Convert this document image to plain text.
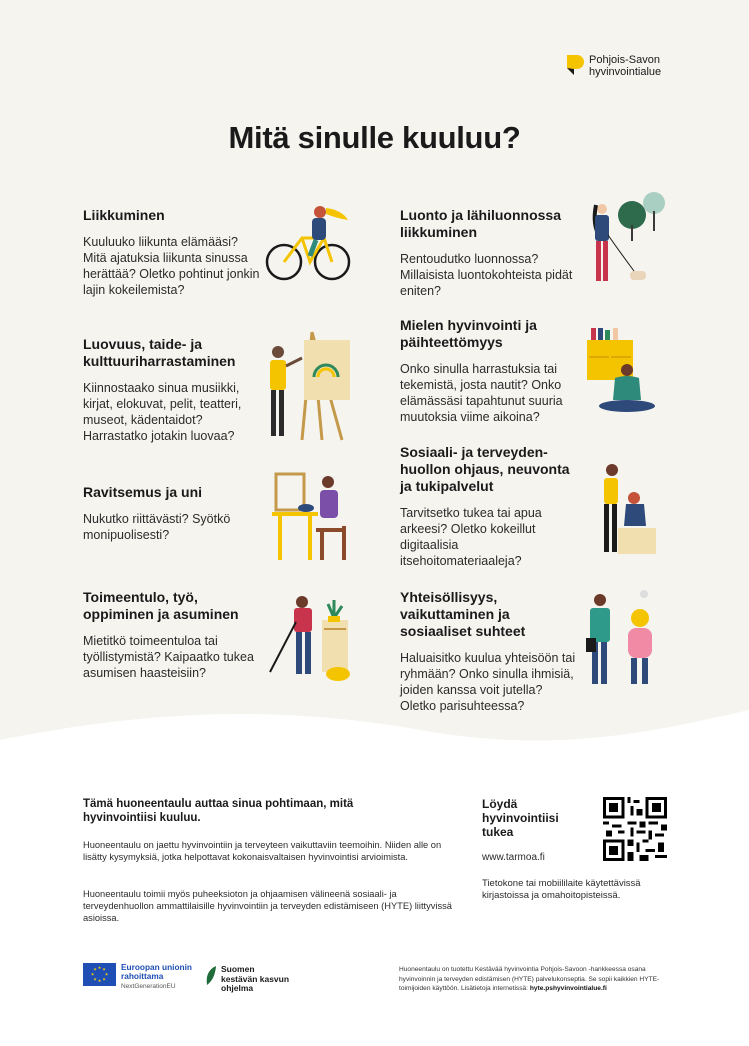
Pohjois-Savon
hyvinvointialue
Mitä sinulle kuuluu?
Liikkuminen

Kuuluuko liikunta elämääsi? Mitä ajatuksia liikunta sinussa herättää? Oletko pohtinut jonkin lajin kokeilemista?

Luonto ja lähiluonnossa liikkuminen

Rentoudutko luonnossa? Millaisista luontokohteista pidät eniten?

Luovuus, taide- ja kulttuuriharrastaminen

Kiinnostaako sinua musiikki, kirjat, elokuvat, pelit, teatteri, museot, kädentaidot? Harrastatko jotakin luovaa?

Mielen hyvinvointi ja päihteettömyys

Onko sinulla harrastuksia tai tekemistä, josta nautit? Onko elämässäsi tapahtunut suuria muutoksia viime aikoina?

Ravitsemus ja uni

Nukutko riittävästi? Syötkö monipuolisesti?

Sosiaali- ja terveyden-huollon ohjaus, neuvonta ja tukipalvelut

Tarvitsetko tukea tai apua arkeesi? Oletko kokeillut digitaalisia itsehoitomateriaaleja?

Toimeentulo, työ, oppiminen ja asuminen

Mietitkö toimeentuloa tai työllistymistä? Kaipaatko tukea asumisen haasteisiin?

Yhteisöllisyys, vaikuttaminen ja sosiaaliset suhteet

Haluaisitko kuulua yhteisöön tai ryhmään? Onko sinulla ihmisiä, joiden kanssa voit jutella? Oletko parisuhteessa?

Tämä huoneentaulu auttaa sinua pohtimaan, mitä hyvinvointiisi kuuluu.

Huoneentaulu on jaettu hyvinvointiin ja terveyteen vaikuttaviin teemoihin. Niiden alle on lisätty kysymyksiä, jotka helpottavat kokonaisvaltaisen hyvinvointisi arvioimista.

Huoneentaulu toimii myös puheeksioton ja ohjaamisen välineenä sosiaali- ja terveydenhuollon ammattilaisille hyvinvointiin ja terveyden edistämiseen (HYTE) liittyvissä asioissa.

Löydä hyvinvointiisi tukea
www.tarmoa.fi
Tietokone tai mobiililaite käytettävissä kirjastoissa ja omahoitopisteissä.
★ ★
★
★
★
★
★
★	Euroopan unionin
rahoittama
NextGenerationEU
Suomen
kestävän kasvun
ohjelma
Huoneentaulu on tuotettu Kestävää hyvinvointia Pohjois-Savoon -hankkeessa osana hyvinvoinnin ja terveyden edistämisen (HYTE) palvelukonseptia. Se sopii kaikkien HYTE-toimijoiden käyttöön. Lisätietoja internetissä: hyte.pshyvinvointialue.fi
